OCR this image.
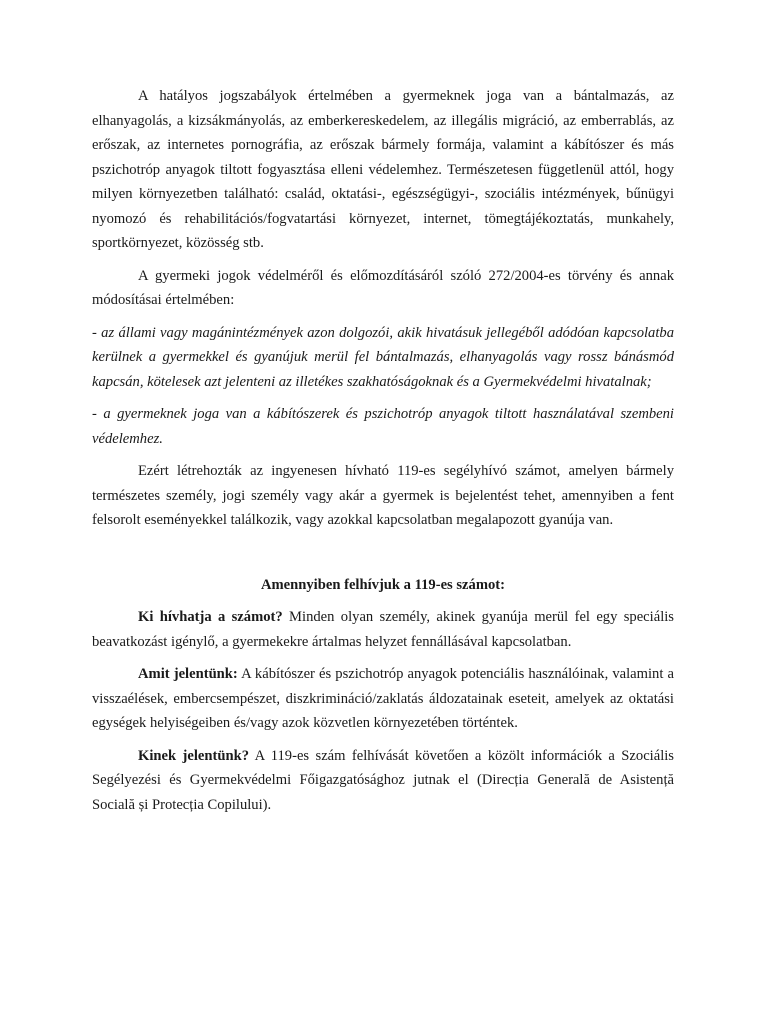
A hatályos jogszabályok értelmében a gyermeknek joga van a bántalmazás, az elhanyagolás, a kizsákmányolás, az emberkereskedelem, az illegális migráció, az emberrablás, az erőszak, az internetes pornográfia, az erőszak bármely formája, valamint a kábítószer és más pszichotróp anyagok tiltott fogyasztása elleni védelemhez. Természetesen függetlenül attól, hogy milyen környezetben található: család, oktatási-, egészségügyi-, szociális intézmények, bűnügyi nyomozó és rehabilitációs/fogvatartási környezet, internet, tömegtájékoztatás, munkahely, sportkörnyezet, közösség stb.

A gyermeki jogok védelméről és előmozdításáról szóló 272/2004-es törvény és annak módosításai értelmében:

- az állami vagy magánintézmények azon dolgozói, akik hivatásuk jellegéből adódóan kapcsolatba kerülnek a gyermekkel és gyanújuk merül fel bántalmazás, elhanyagolás vagy rossz bánásmód kapcsán, kötelesek azt jelenteni az illetékes szakhatóságoknak és a Gyermekvédelmi hivatalnak;

- a gyermeknek joga van a kábítószerek és pszichotróp anyagok tiltott használatával szembeni védelemhez.

Ezért létrehozták az ingyenesen hívható 119-es segélyhívó számot, amelyen bármely természetes személy, jogi személy vagy akár a gyermek is bejelentést tehet, amennyiben a fent felsorolt eseményekkel találkozik, vagy azokkal kapcsolatban megalapozott gyanúja van.

Amennyiben felhívjuk a 119-es számot:

Ki hívhatja a számot? Minden olyan személy, akinek gyanúja merül fel egy speciális beavatkozást igénylő, a gyermekekre ártalmas helyzet fennállásával kapcsolatban.

Amit jelentünk: A kábítószer és pszichotróp anyagok potenciális használóinak, valamint a visszaélések, embercsempészet, diszkrimináció/zaklatás áldozatainak eseteit, amelyek az oktatási egységek helyiségeiben és/vagy azok közvetlen környezetében történtek.

Kinek jelentünk? A 119-es szám felhívását követően a közölt információk a Szociális Segélyezési és Gyermekvédelmi Főigazgatósághoz jutnak el (Direcția Generală de Asistență Socială și Protecția Copilului).
